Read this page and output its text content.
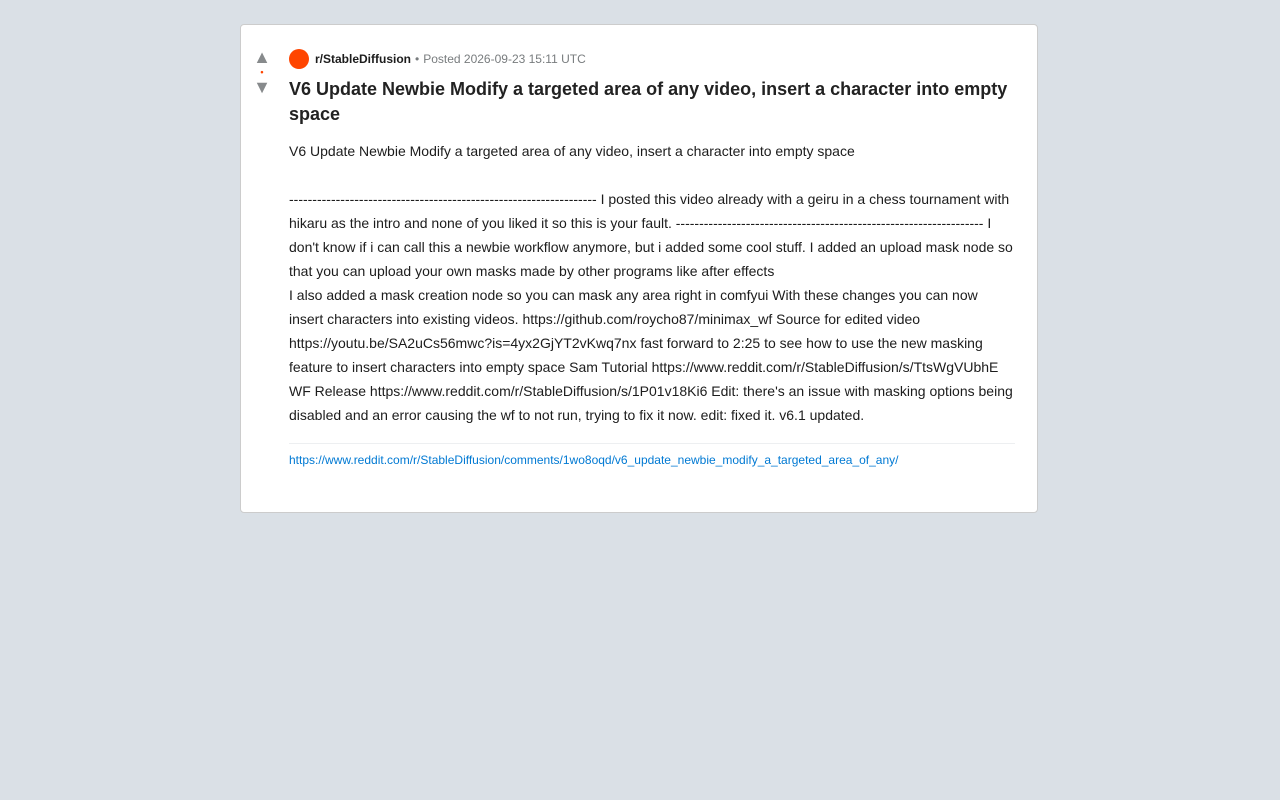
▲
•
▼
r/StableDiffusion • Posted 2026-09-23 15:11 UTC
V6 Update Newbie Modify a targeted area of any video, insert a character into empty space
V6 Update Newbie Modify a targeted area of any video, insert a character into empty space

------------------------------------------------------------------ I posted this video already with a geiru in a chess tournament with hikaru as the intro and none of you liked it so this is your fault. ------------------------------------------------------------------ I don't know if i can call this a newbie workflow anymore, but i added some cool stuff. I added an upload mask node so that you can upload your own masks made by other programs like after effects
I also added a mask creation node so you can mask any area right in comfyui With these changes you can now insert characters into existing videos. https://github.com/roycho87/minimax_wf Source for edited video https://youtu.be/SA2uCs56mwc?is=4yx2GjYT2vKwq7nx fast forward to 2:25 to see how to use the new masking feature to insert characters into empty space Sam Tutorial https://www.reddit.com/r/StableDiffusion/s/TtsWgVUbhE WF Release https://www.reddit.com/r/StableDiffusion/s/1P01v18Ki6 Edit: there's an issue with masking options being disabled and an error causing the wf to not run, trying to fix it now. edit: fixed it. v6.1 updated.
https://www.reddit.com/r/StableDiffusion/comments/1wo8oqd/v6_update_newbie_modify_a_targeted_area_of_any/
